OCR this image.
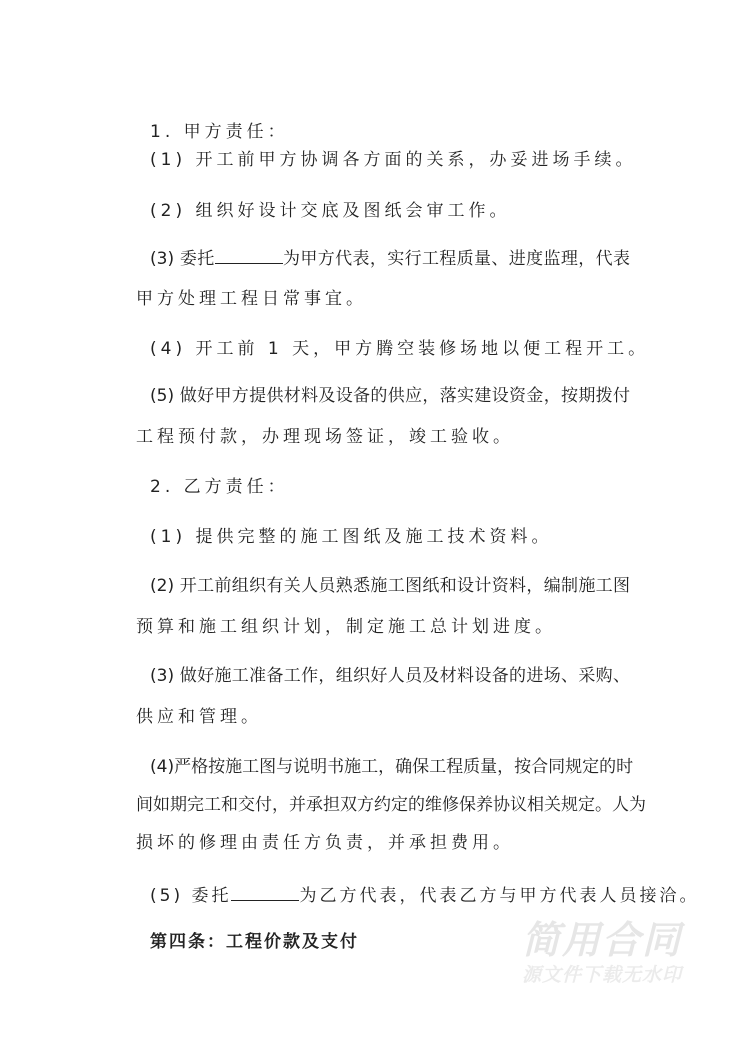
1. 甲方责任：
(1) 开工前甲方协调各方面的关系，办妥进场手续。
(2) 组织好设计交底及图纸会审工作。
(3) 委托	为甲方代表，实行工程质量、进度监理，代表
甲方处理工程日常事宜。
(4) 开工前 1 天，甲方腾空装修场地以便工程开工。
(5) 做好甲方提供材料及设备的供应，落实建设资金，按期拨付
工程预付款，办理现场签证，竣工验收。
2. 乙方责任：
(1) 提供完整的施工图纸及施工技术资料。
(2) 开工前组织有关人员熟悉施工图纸和设计资料，编制施工图
预算和施工组织计划，制定施工总计划进度。
(3) 做好施工准备工作，组织好人员及材料设备的进场、采购、
供应和管理。
(4)严格按施工图与说明书施工，确保工程质量，按合同规定的时
间如期完工和交付，并承担双方约定的维修保养协议相关规定。人为
损坏的修理由责任方负责，并承担费用。
(5) 委托	为乙方代表，代表乙方与甲方代表人员接洽。
第四条：工程价款及支付	简用合同
源文件下载无水印
